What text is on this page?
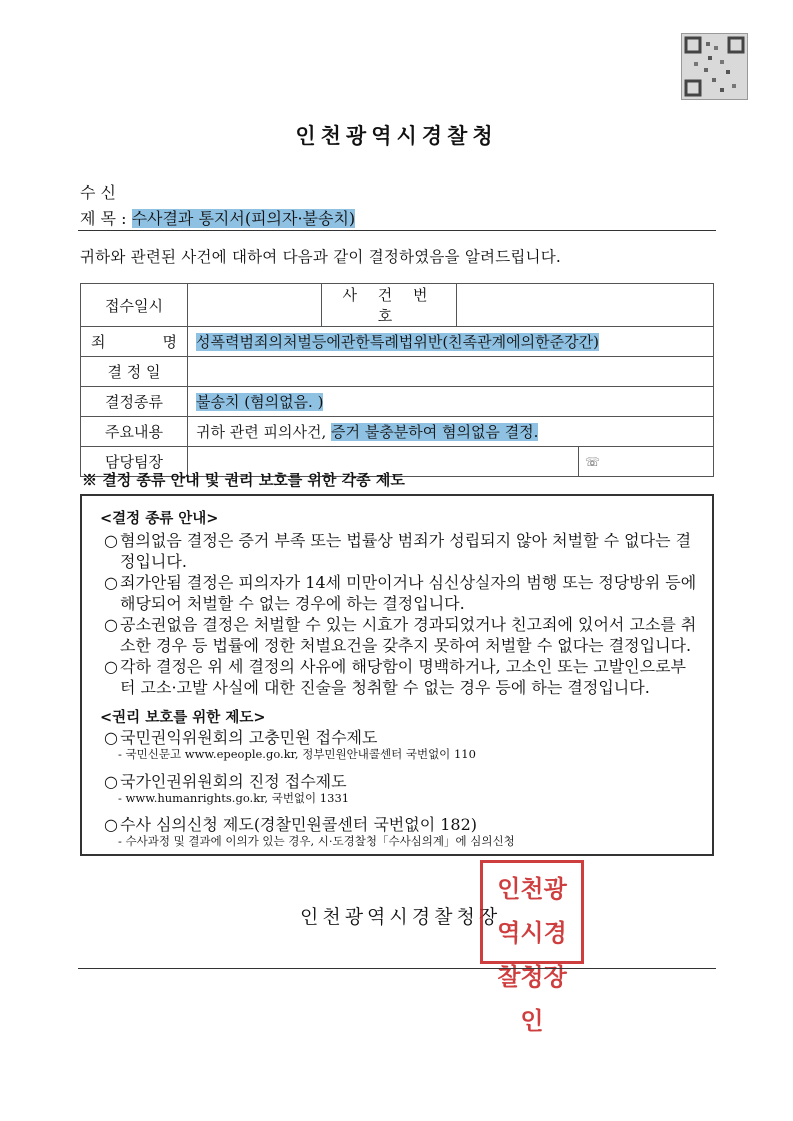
인천광역시경찰청
수 신
제 목 : 수사결과 통지서(피의자·불송치)
귀하와 관련된 사건에 대하여 다음과 같이 결정하였음을 알려드립니다.
접수일시		사 건 번 호		
죄 명	성폭력범죄의처벌등에관한특례법위반(친족관계에의한준강간)			
결 정 일				
결정종류	불송치 (혐의없음. )			
주요내용	귀하 관련 피의사건, 증거 불충분하여 혐의없음 결정.			
담당팀장				☏
※ 결정 종류 안내 및 권리 보호를 위한 각종 제도
<결정 종류 안내>
○ 혐의없음 결정은 증거 부족 또는 법률상 범죄가 성립되지 않아 처벌할 수 없다는 결정입니다.
○ 죄가안됨 결정은 피의자가 14세 미만이거나 심신상실자의 범행 또는 정당방위 등에 해당되어 처벌할 수 없는 경우에 하는 결정입니다.
○ 공소권없음 결정은 처벌할 수 있는 시효가 경과되었거나 친고죄에 있어서 고소를 취소한 경우 등 법률에 정한 처벌요건을 갖추지 못하여 처벌할 수 없다는 결정입니다.
○ 각하 결정은 위 세 결정의 사유에 해당함이 명백하거나, 고소인 또는 고발인으로부터 고소·고발 사실에 대한 진술을 청취할 수 없는 경우 등에 하는 결정입니다.
<권리 보호를 위한 제도>
○ 국민권익위원회의 고충민원 접수제도
- 국민신문고 www.epeople.go.kr, 정부민원안내콜센터 국번없이 110
○ 국가인권위원회의 진정 접수제도
- www.humanrights.go.kr, 국번없이 1331
○ 수사 심의신청 제도(경찰민원콜센터 국번없이 182)
- 수사과정 및 결과에 이의가 있는 경우, 시·도경찰청「수사심의계」에 심의신청
인천광역시경찰청장
인천광역시경찰청장인
